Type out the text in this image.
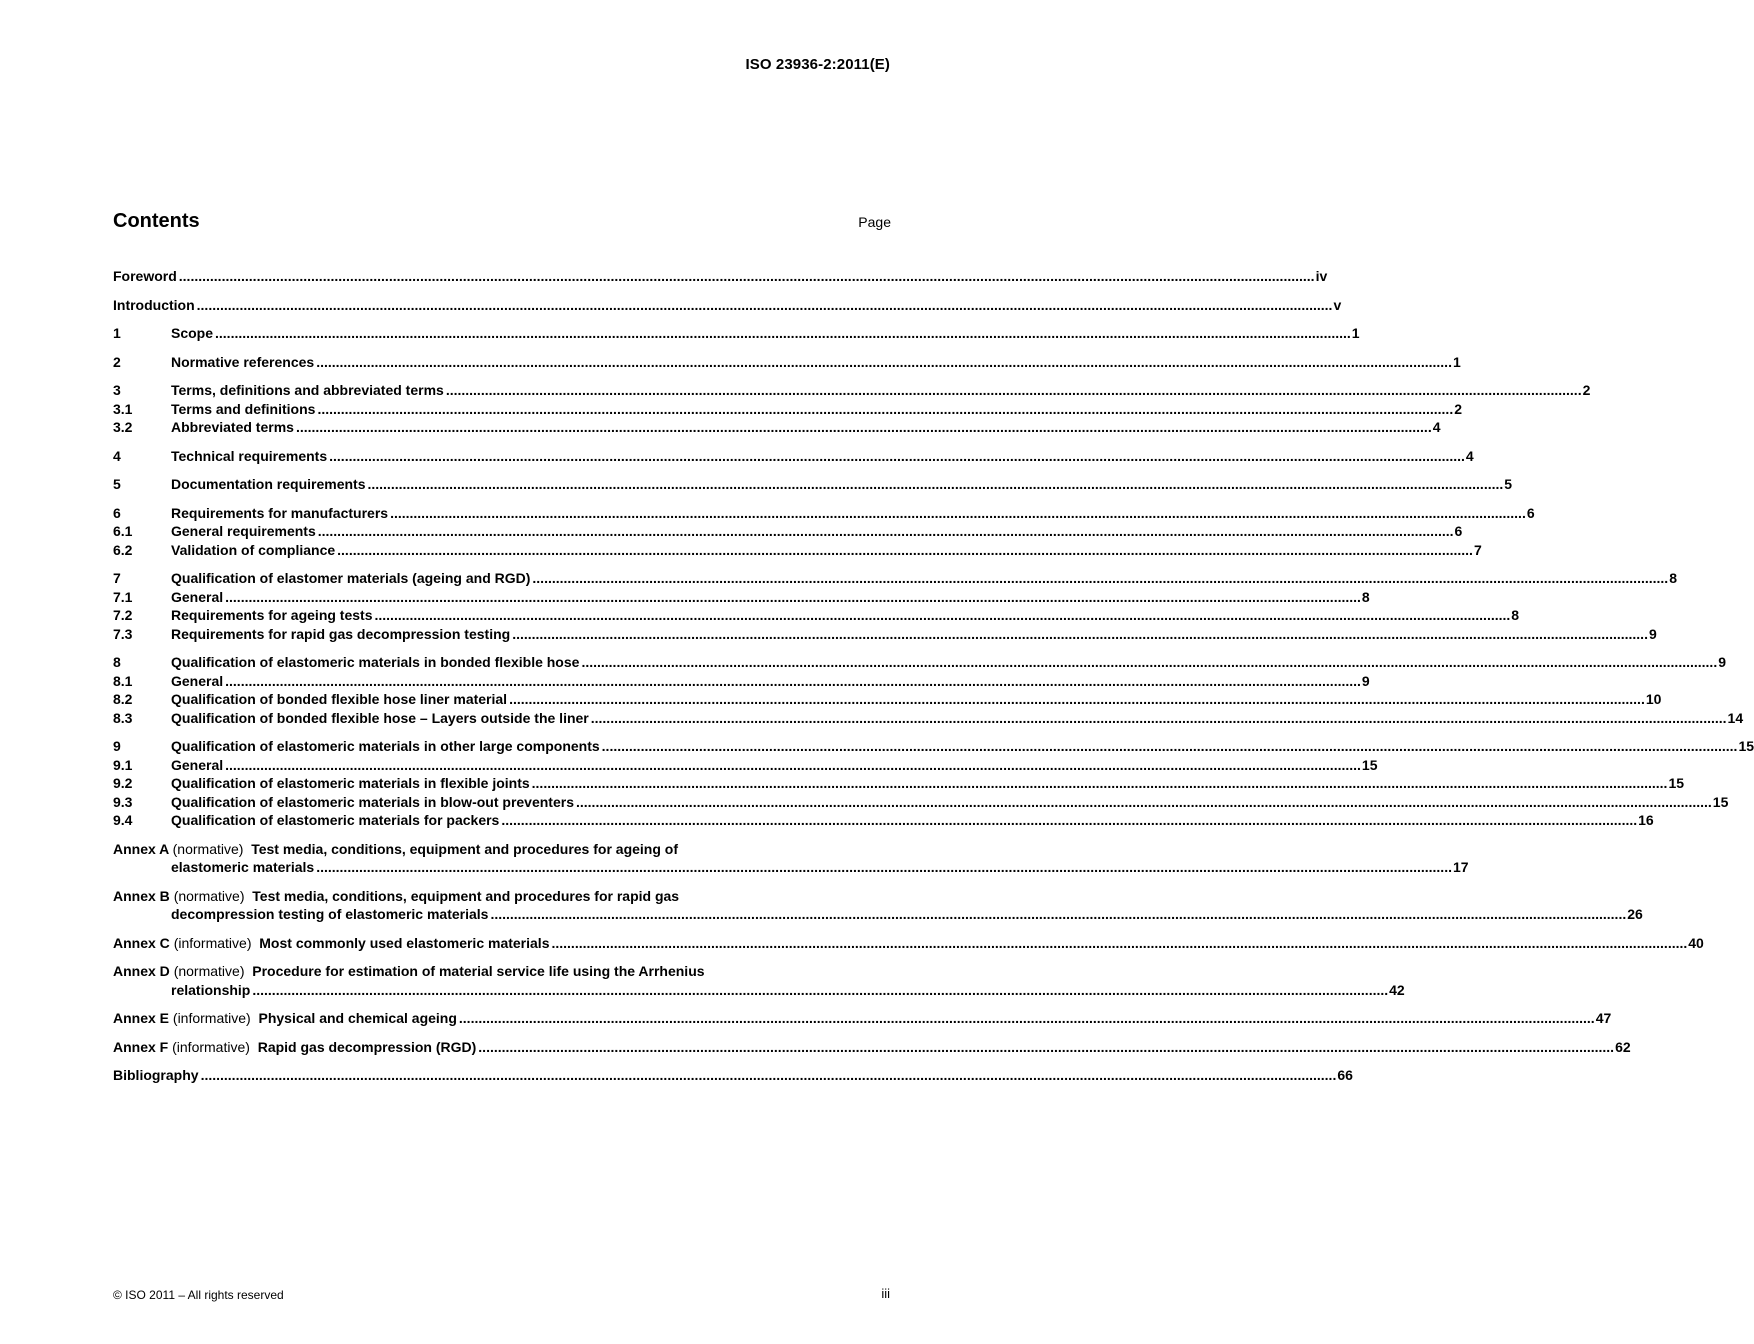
ISO 23936-2:2011(E)
Contents	Page
Foreword .....	iv
Introduction .....	v
1	Scope .....	1
2	Normative references .....	1
3	Terms, definitions and abbreviated terms .....	2
3.1	Terms and definitions .....	2
3.2	Abbreviated terms .....	4
4	Technical requirements .....	4
5	Documentation requirements .....	5
6	Requirements for manufacturers .....	6
6.1	General requirements .....	6
6.2	Validation of compliance .....	7
7	Qualification of elastomer materials (ageing and RGD) .....	8
7.1	General .....	8
7.2	Requirements for ageing tests .....	8
7.3	Requirements for rapid gas decompression testing .....	9
8	Qualification of elastomeric materials in bonded flexible hose .....	9
8.1	General .....	9
8.2	Qualification of bonded flexible hose liner material .....	10
8.3	Qualification of bonded flexible hose – Layers outside the liner .....	14
9	Qualification of elastomeric materials in other large components .....	15
9.1	General .....	15
9.2	Qualification of elastomeric materials in flexible joints .....	15
9.3	Qualification of elastomeric materials in blow-out preventers .....	15
9.4	Qualification of elastomeric materials for packers .....	16
Annex A (normative) Test media, conditions, equipment and procedures for ageing of
elastomeric materials .....	17
Annex B (normative) Test media, conditions, equipment and procedures for rapid gas
decompression testing of elastomeric materials .....	26
Annex C (informative) Most commonly used elastomeric materials .....	40
Annex D (normative) Procedure for estimation of material service life using the Arrhenius
relationship .....	42
Annex E (informative) Physical and chemical ageing .....	47
Annex F (informative) Rapid gas decompression (RGD) .....	62
Bibliography .....	66
© ISO 2011 – All rights reserved	iii
